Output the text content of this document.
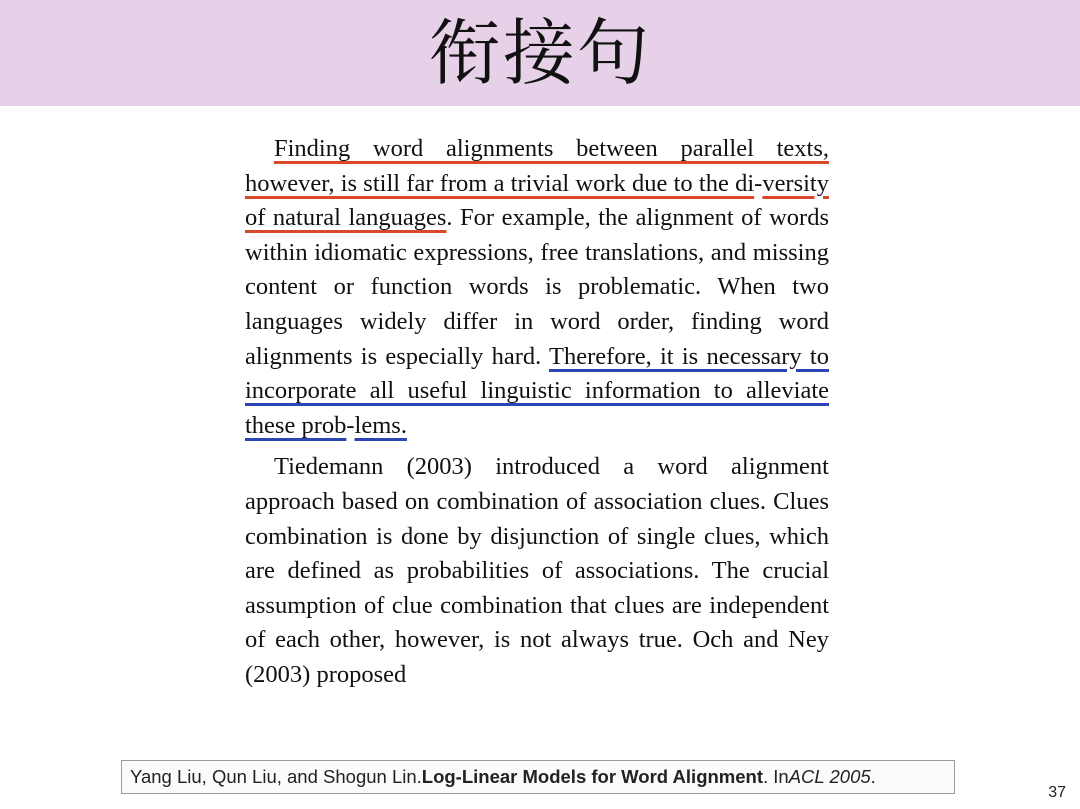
衔接句

Finding word alignments between parallel texts, however, is still far from a trivial work due to the di-versity of natural languages. For example, the alignment of words within idiomatic expressions, free translations, and missing content or function words is problematic. When two languages widely differ in word order, finding word alignments is especially hard. Therefore, it is necessary to incorporate all useful linguistic information to alleviate these prob-lems.

Tiedemann (2003) introduced a word alignment approach based on combination of association clues. Clues combination is done by disjunction of single clues, which are defined as probabilities of associations. The crucial assumption of clue combination that clues are independent of each other, however, is not always true. Och and Ney (2003) proposed

Yang Liu, Qun Liu, and Shogun Lin. Log-Linear Models for Word Alignment . In ACL 2005 .
37
